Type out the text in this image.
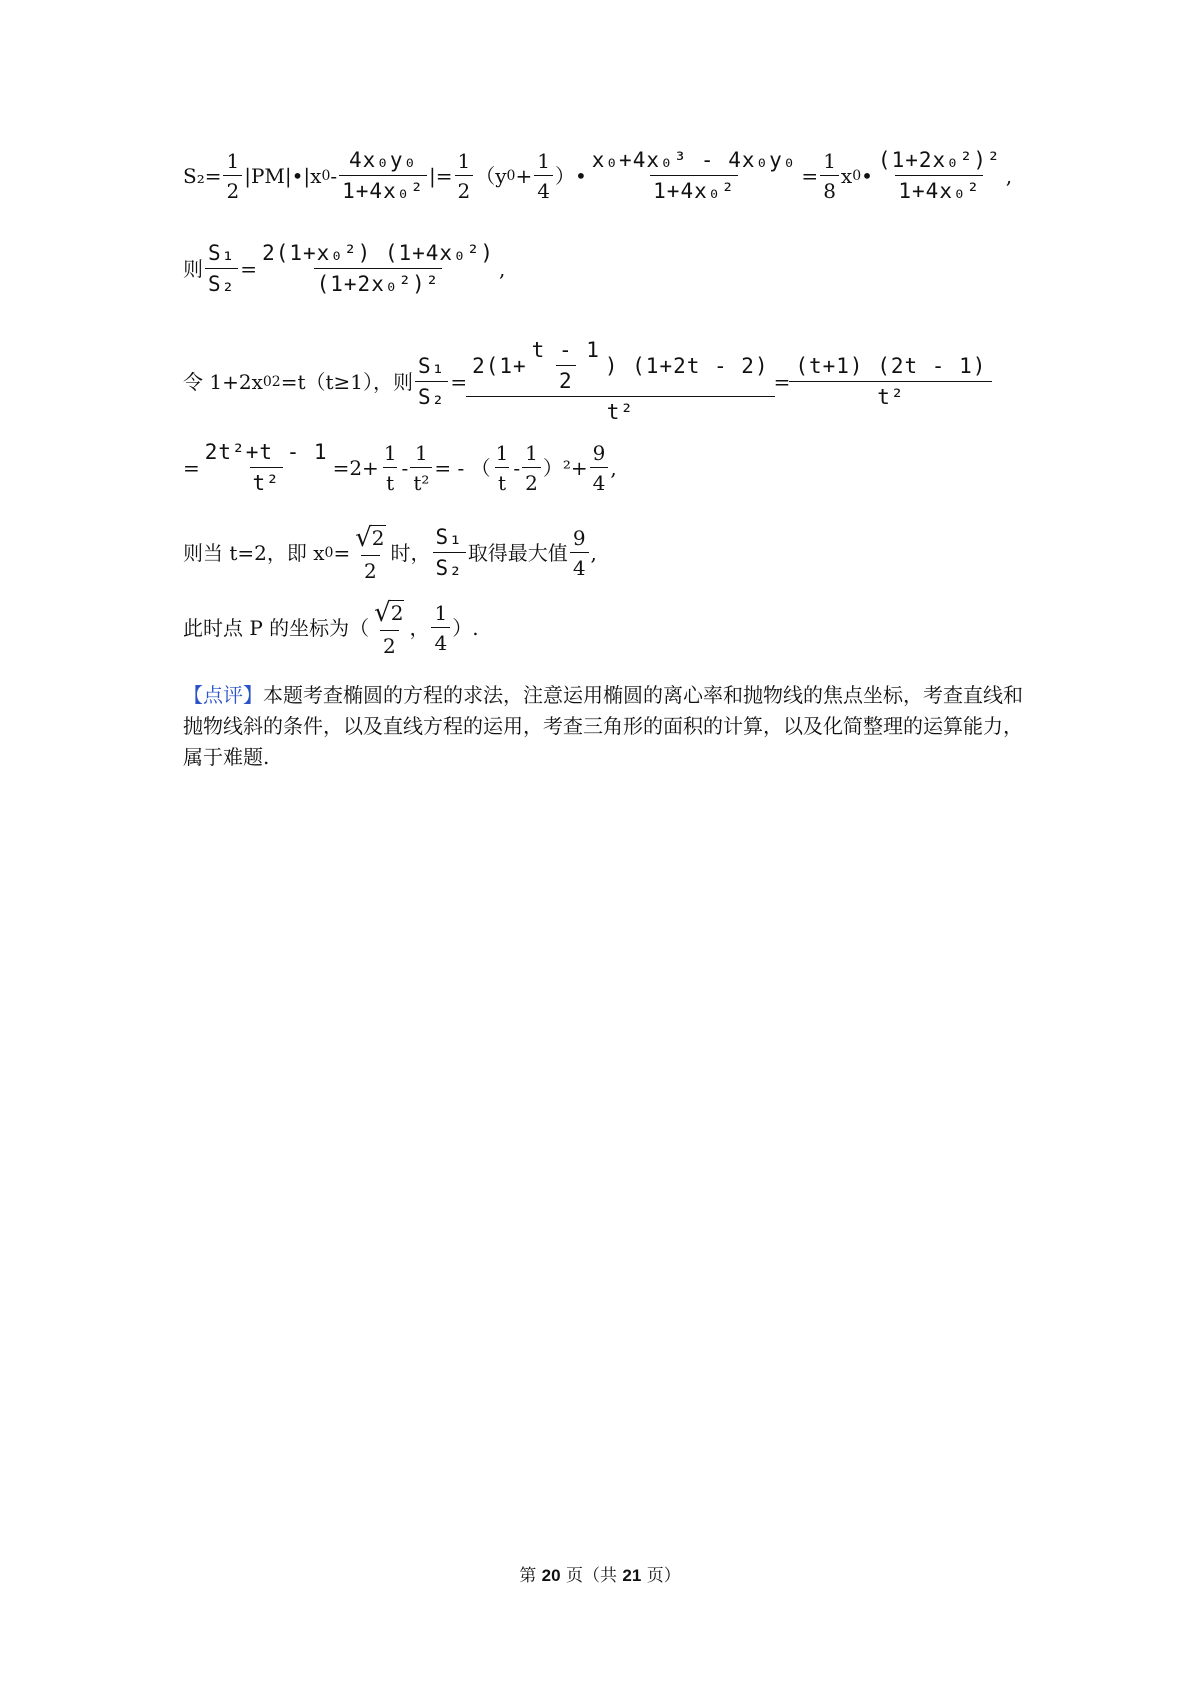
$S_2= \frac{1}{2}$ |PM|•|x $0 - \frac{\text{4x₀y₀}}{\text{1+4x₀²}}$ |= $\frac{1}{2} (y$ $0 + \frac{1}{4}$ ）• $\frac{\text{x₀+4x₀³ - 4x₀y₀}}{\text{1+4x₀²}} = \frac{1}{8}$ x 0 • $\frac{\text{(1+2x₀²)²}}{\text{1+4x₀²}}$ ,
则 $\frac{\text{S₁}}{\text{S₂}} = \frac{\text{2(1+x₀²) (1+4x₀²)}}{\text{(1+2x₀²)²}}$ ,
令 1+2x 0 2 =t（t≥1），则 $\frac{\text{S₁}}{\text{S₂}}$ =
$2(1+ \frac{t - 1}{2}$ ) (1+2t - 2)
t²
= $\frac{(t+1) (2t - 1)}{\text{t²}}$
= $\frac{\text{2t²+t - 1}}{\text{t²}} =2+ \frac{1}{t} - \frac{1}{\text{t²}}$ = - （ $\frac{1}{t} - \frac{1}{2} )^2+ \frac{9}{4}$ ,
则当 t=2，即 x $0 = \frac{√ 2}{2}$ 时， $\frac{\text{S₁}}{\text{S₂}}$ 取得最大值 $\frac{9}{4}$ ,
此时点 P 的坐标为（ $\frac{√ 2}{2}$ ， $\frac{1}{4}$ ）.
【点评】本题考查椭圆的方程的求法，注意运用椭圆的离心率和抛物线的焦点坐标，考查直线和抛物线斜的条件，以及直线方程的运用，考查三角形的面积的计算，以及化简整理的运算能力，属于难题.
第 20 页（共 21 页）
